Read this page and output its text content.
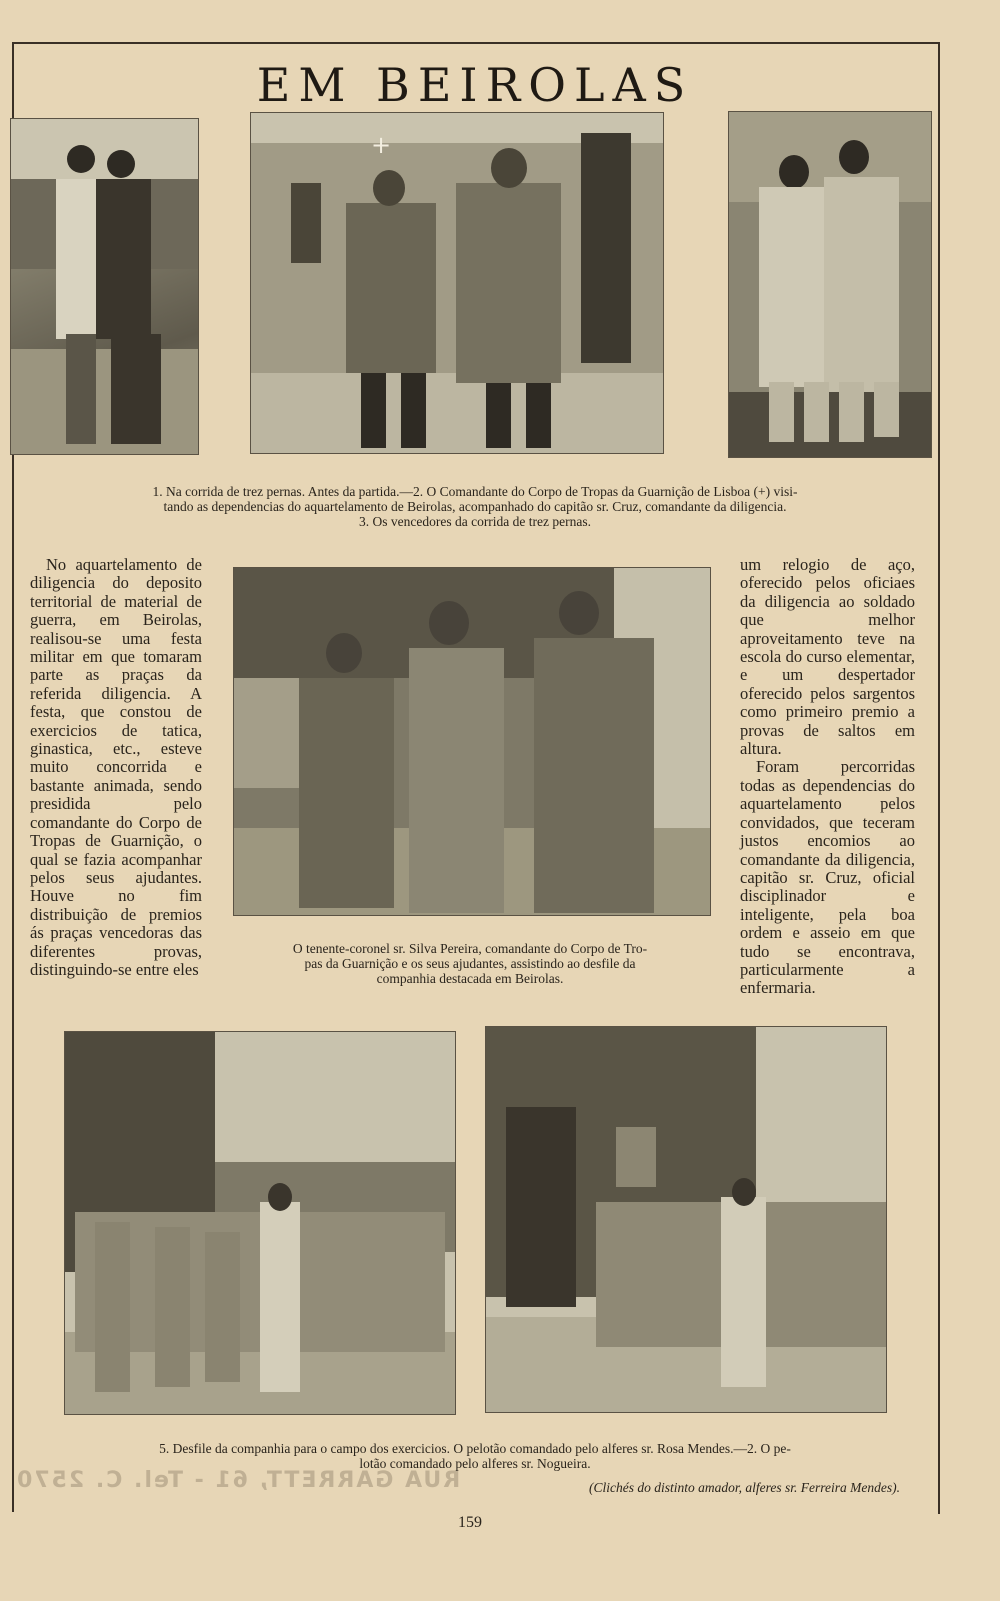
RUA GARRETT, 61 - Tel. C. 2570
EM BEIROLAS
+
1. Na corrida de trez pernas. Antes da partida.—2. O Comandante do Corpo de Tropas da Guarnição de Lisboa (+) visi-
tando as dependencias do aquartelamento de Beirolas, acompanhado do capitão sr. Cruz, comandante da diligencia.
3. Os vencedores da corrida de trez pernas.

No aquartelamento de diligencia do deposito territorial de material de guerra, em Beirolas, realisou-se uma festa militar em que tomaram parte as praças da referida diligencia. A festa, que constou de exercicios de tatica, ginastica, etc., esteve muito concorrida e bastante animada, sendo presidida pelo comandante do Corpo de Tropas de Guarnição, o qual se fazia acompanhar pelos seus ajudantes. Houve no fim distribuição de premios ás praças vencedoras das diferentes provas, distinguindo-se entre eles

um relogio de aço, oferecido pelos oficiaes da diligencia ao soldado que melhor aproveitamento teve na escola do curso elementar, e um despertador oferecido pelos sargentos como primeiro premio a provas de saltos em altura.

Foram percorridas todas as dependencias do aquartelamento pelos convidados, que teceram justos encomios ao comandante da diligencia, capitão sr. Cruz, oficial disciplinador e inteligente, pela boa ordem e asseio em que tudo se encontrava, particularmente a enfermaria.

O tenente-coronel sr. Silva Pereira, comandante do Corpo de Tro-
pas da Guarnição e os seus ajudantes, assistindo ao desfile da
companhia destacada em Beirolas.
5. Desfile da companhia para o campo dos exercicios. O pelotão comandado pelo alferes sr. Rosa Mendes.—2. O pe-
lotão comandado pelo alferes sr. Nogueira.
(Clichés do distinto amador, alferes sr. Ferreira Mendes).
159
